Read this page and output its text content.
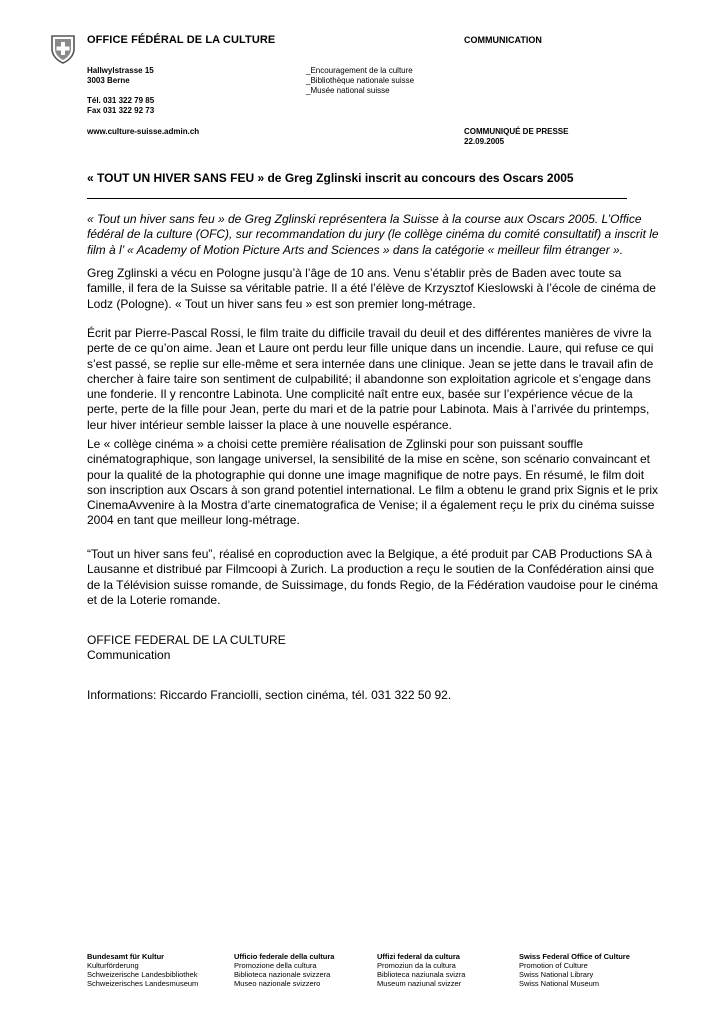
OFFICE FÉDÉRAL DE LA CULTURE	COMMUNICATION
Hallwylstrasse 15
3003 Berne
Tél. 031 322 79 85
Fax 031 322 92 73
www.culture-suisse.admin.ch
_Encouragement de la culture
_Bibliothèque nationale suisse
_Musée national suisse
COMMUNIQUÉ DE PRESSE
22.09.2005
« TOUT UN HIVER SANS FEU » de Greg Zglinski inscrit au concours des Oscars 2005

« Tout un hiver sans feu » de Greg Zglinski représentera la Suisse à la course aux Oscars 2005. L’Office fédéral de la culture (OFC), sur recommandation du jury (le collège cinéma du comité consultatif) a inscrit le film à l’ « Academy of Motion Picture Arts and Sciences » dans la catégorie « meilleur film étranger ».

Greg Zglinski a vécu en Pologne jusqu’à l’âge de 10 ans. Venu s’établir près de Baden avec toute sa famille, il fera de la Suisse sa véritable patrie. Il a été l’élève de Krzysztof Kieslowski à l’école de cinéma de Lodz (Pologne). « Tout un hiver sans feu » est son premier long-métrage.

Écrit par Pierre-Pascal Rossi, le film traite du difficile travail du deuil et des différentes manières de vivre la perte de ce qu’on aime. Jean et Laure ont perdu leur fille unique dans un incendie. Laure, qui refuse ce qui s’est passé, se replie sur elle-même et sera internée dans une clinique. Jean se jette dans le travail afin de chercher à faire taire son sentiment de culpabilité; il abandonne son exploitation agricole et s’engage dans une fonderie. Il y rencontre Labinota. Une complicité naît entre eux, basée sur l’expérience vécue de la perte, perte de la fille pour Jean, perte du mari et de la patrie pour Labinota. Mais à l’arrivée du printemps, leur hiver intérieur semble laisser la place à une nouvelle espérance.

Le « collège cinéma » a choisi cette première réalisation de Zglinski pour son puissant souffle cinématographique, son langage universel, la sensibilité de la mise en scène, son scénario convaincant et pour la qualité de la photographie qui donne une image magnifique de notre pays. En résumé, le film doit son inscription aux Oscars à son grand potentiel international. Le film a obtenu le grand prix Signis et le prix CinemaAvvenire à la Mostra d’arte cinematografica de Venise; il a également reçu le prix du cinéma suisse 2004 en tant que meilleur long-métrage.

“Tout un hiver sans feu”, réalisé en coproduction avec la Belgique, a été produit par CAB Productions SA à Lausanne et distribué par Filmcoopi à Zurich. La production a reçu le soutien de la Confédération ainsi que de la Télévision suisse romande, de Suissimage, du fonds Regio, de la Fédération vaudoise pour le cinéma et de la Loterie romande.

OFFICE FEDERAL DE LA CULTURE
Communication
Informations: Riccardo Franciolli, section cinéma, tél. 031 322 50 92.
Bundesamt für Kultur
Kulturförderung
Schweizerische Landesbibliothek
Schweizerisches Landesmuseum
Ufficio federale della cultura
Promozione della cultura
Biblioteca nazionale svizzera
Museo nazionale svizzero
Uffizi federal da cultura
Promoziun da la cultura
Biblioteca naziunala svizra
Museum naziunal svizzer
Swiss Federal Office of Culture
Promotion of Culture
Swiss National Library
Swiss National Museum
